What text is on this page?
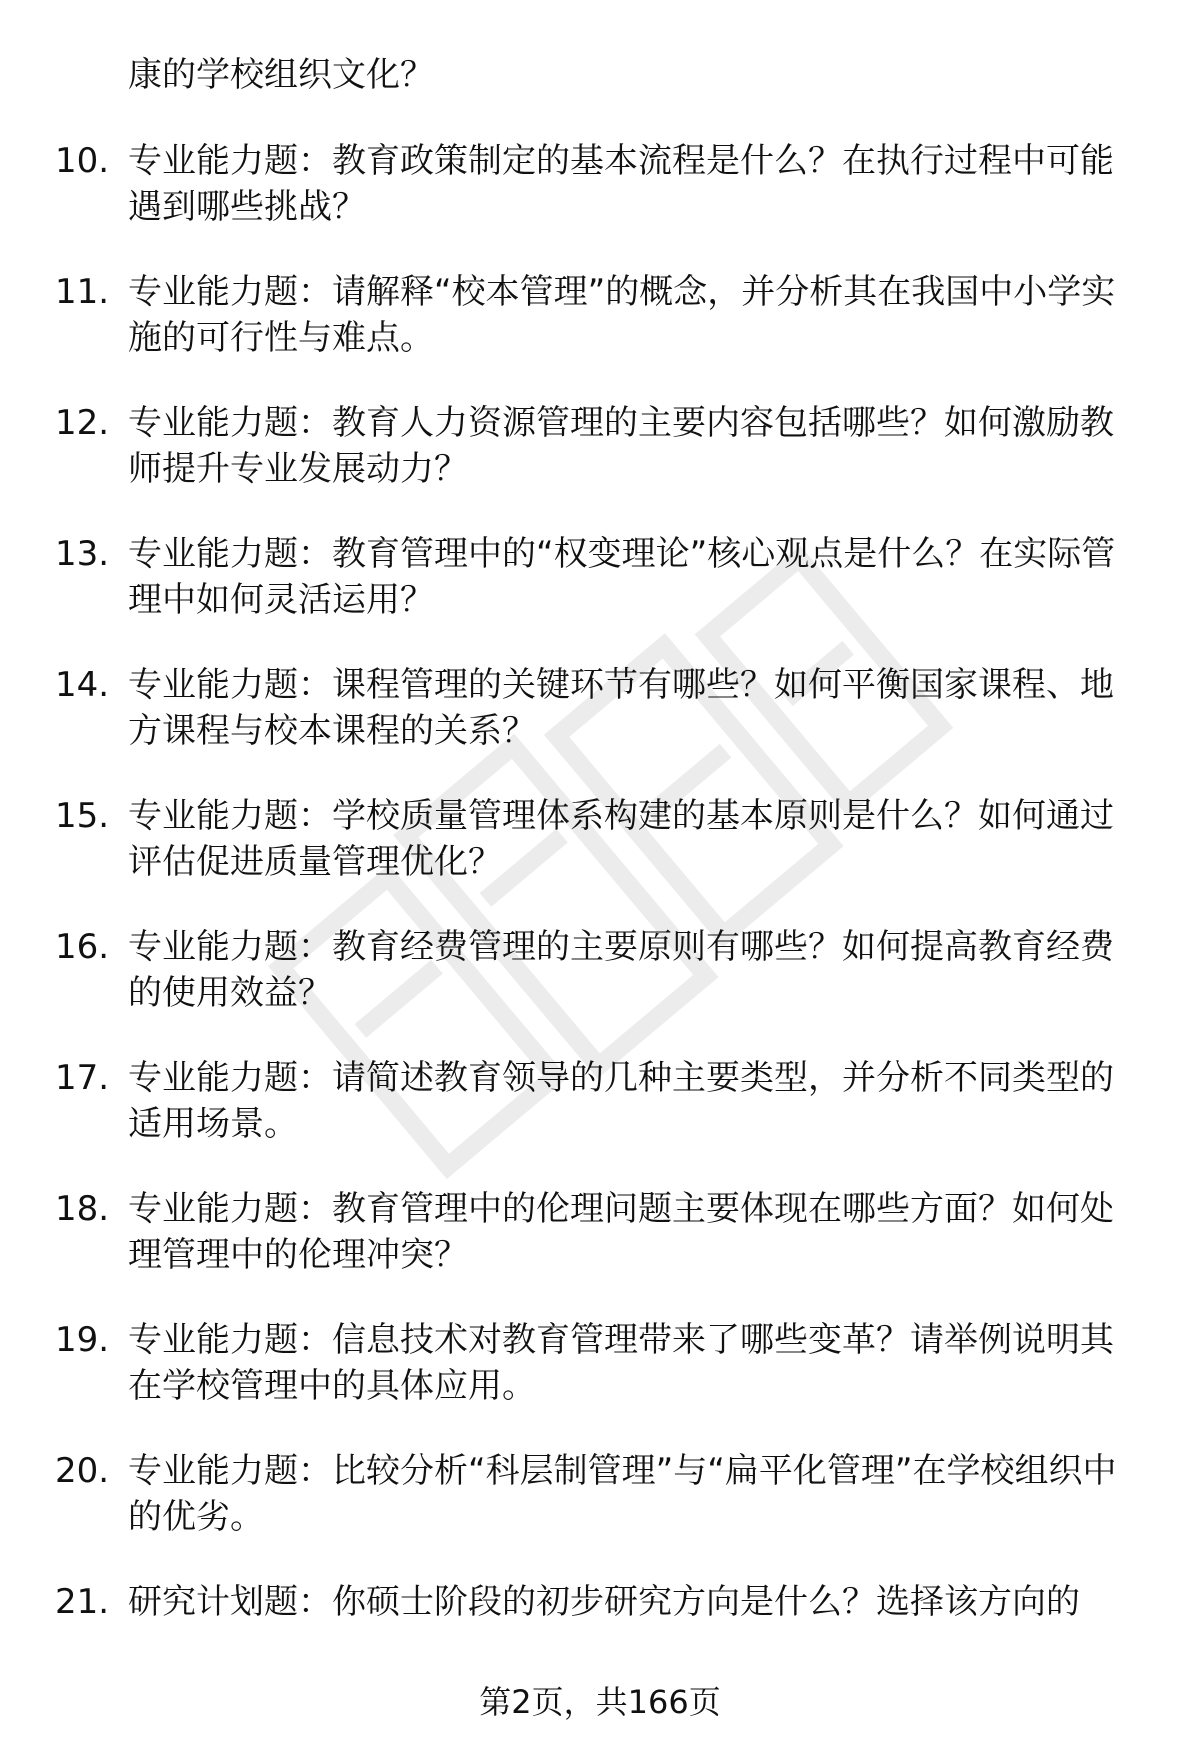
康的学校组织文化？
10. 专业能力题：教育政策制定的基本流程是什么？在执行过程中可能遇到哪些挑战？
11. 专业能力题：请解释“校本管理”的概念，并分析其在我国中小学实施的可行性与难点。
12. 专业能力题：教育人力资源管理的主要内容包括哪些？如何激励教师提升专业发展动力？
13. 专业能力题：教育管理中的“权变理论”核心观点是什么？在实际管理中如何灵活运用？
14. 专业能力题：课程管理的关键环节有哪些？如何平衡国家课程、地方课程与校本课程的关系？
15. 专业能力题：学校质量管理体系构建的基本原则是什么？如何通过评估促进质量管理优化？
16. 专业能力题：教育经费管理的主要原则有哪些？如何提高教育经费的使用效益？
17. 专业能力题：请简述教育领导的几种主要类型，并分析不同类型的适用场景。
18. 专业能力题：教育管理中的伦理问题主要体现在哪些方面？如何处理管理中的伦理冲突？
19. 专业能力题：信息技术对教育管理带来了哪些变革？请举例说明其在学校管理中的具体应用。
20. 专业能力题：比较分析“科层制管理”与“扁平化管理”在学校组织中的优劣。
21. 研究计划题：你硕士阶段的初步研究方向是什么？选择该方向的
第2页，共166页
